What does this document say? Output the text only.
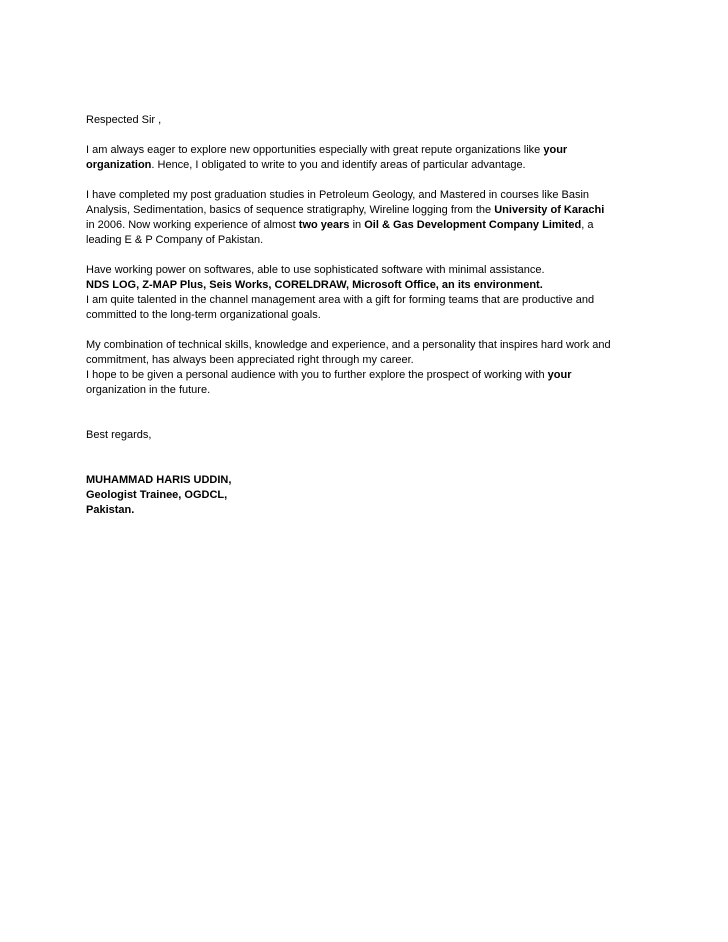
Respected Sir ,

I am always eager to explore new opportunities especially with great repute organizations like your

organization. Hence, I obligated to write to you and identify areas of particular advantage.

I have completed my post graduation studies in Petroleum Geology, and Mastered in courses like Basin

Analysis, Sedimentation, basics of sequence stratigraphy, Wireline logging from the University of Karachi

in 2006. Now working experience of almost two years in Oil & Gas Development Company Limited, a

leading E & P Company of Pakistan.

Have working power on softwares, able to use sophisticated software with minimal assistance.

NDS LOG, Z-MAP Plus, Seis Works, CORELDRAW, Microsoft Office, an its environment.

I am quite talented in the channel management area with a gift for forming teams that are productive and

committed to the long-term organizational goals.

My combination of technical skills, knowledge and experience, and a personality that inspires hard work and

commitment, has always been appreciated right through my career.

I hope to be given a personal audience with you to further explore the prospect of working with your

organization in the future.

Best regards,

MUHAMMAD HARIS UDDIN,

Geologist Trainee, OGDCL,

Pakistan.
